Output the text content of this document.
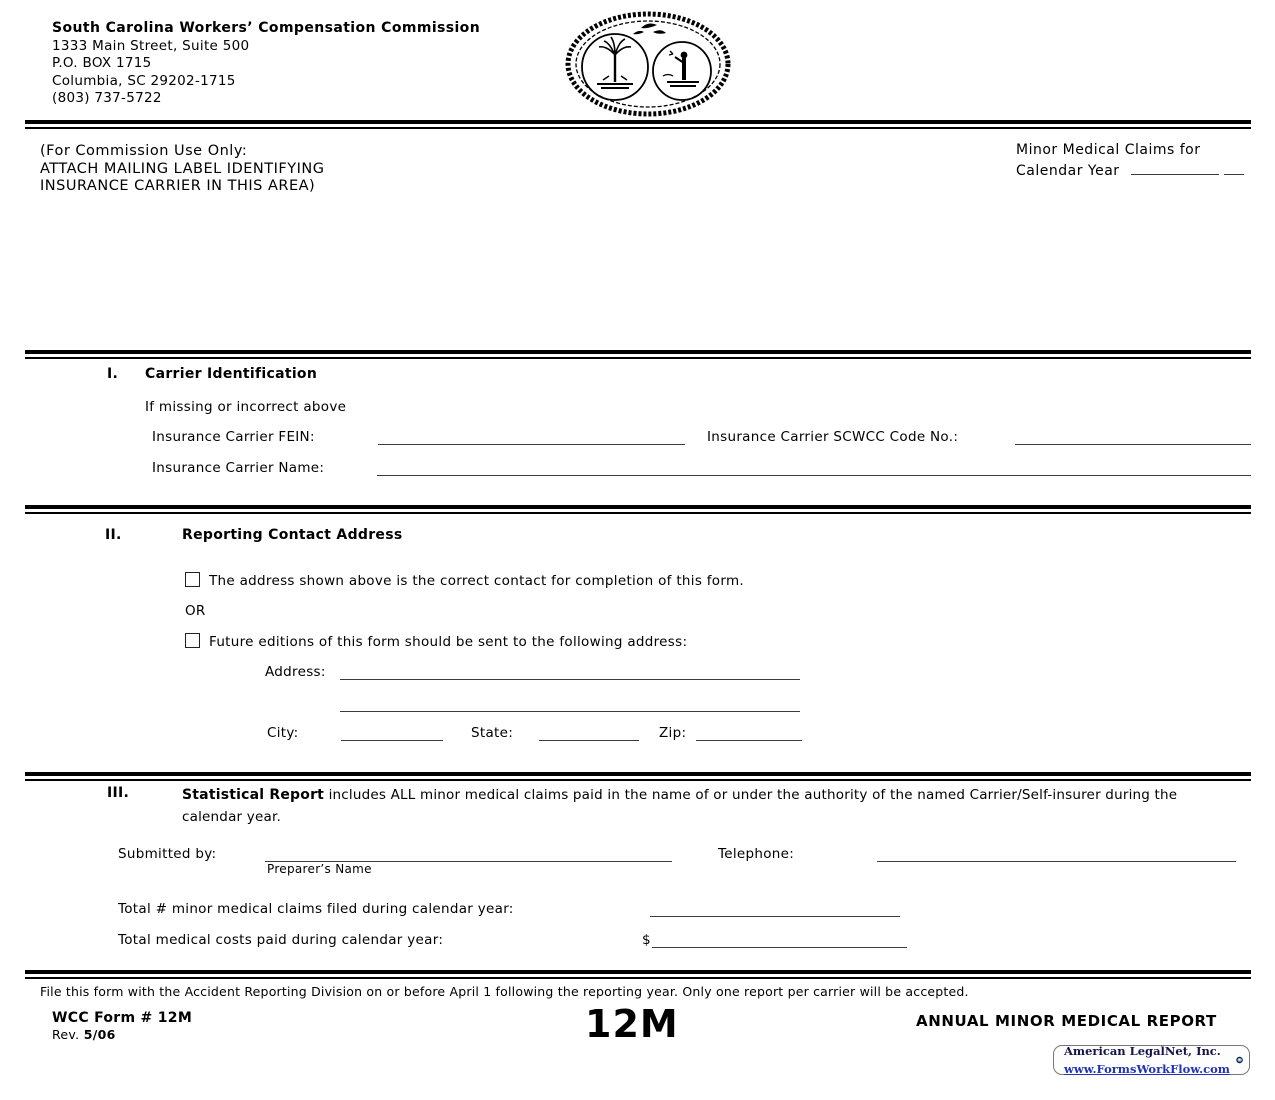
South Carolina Workers’ Compensation Commission
1333 Main Street, Suite 500
P.O. BOX 1715
Columbia, SC 29202-1715
(803) 737-5722
(For Commission Use Only:
ATTACH MAILING LABEL IDENTIFYING
INSURANCE CARRIER IN THIS AREA)
Minor Medical Claims for
Calendar Year
I. Carrier Identification
If missing or incorrect above
Insurance Carrier FEIN:	Insurance Carrier SCWCC Code No.:
Insurance Carrier Name:
II.	Reporting Contact Address
The address shown above is the correct contact for completion of this form.
OR
Future editions of this form should be sent to the following address:
Address:
City:	State:	Zip:
III.	Statistical Report includes ALL minor medical claims paid in the name of or under the authority of the named Carrier/Self-insurer during the calendar year.
Submitted by:
Preparer’s Name
Telephone:
Total # minor medical claims filed during calendar year:
Total medical costs paid during calendar year:	$
File this form with the Accident Reporting Division on or before April 1 following the reporting year. Only one report per carrier will be accepted.
WCC Form # 12M
Rev. 5/06	12M	ANNUAL MINOR MEDICAL REPORT
American LegalNet, Inc.
www.FormsWorkFlow.com
